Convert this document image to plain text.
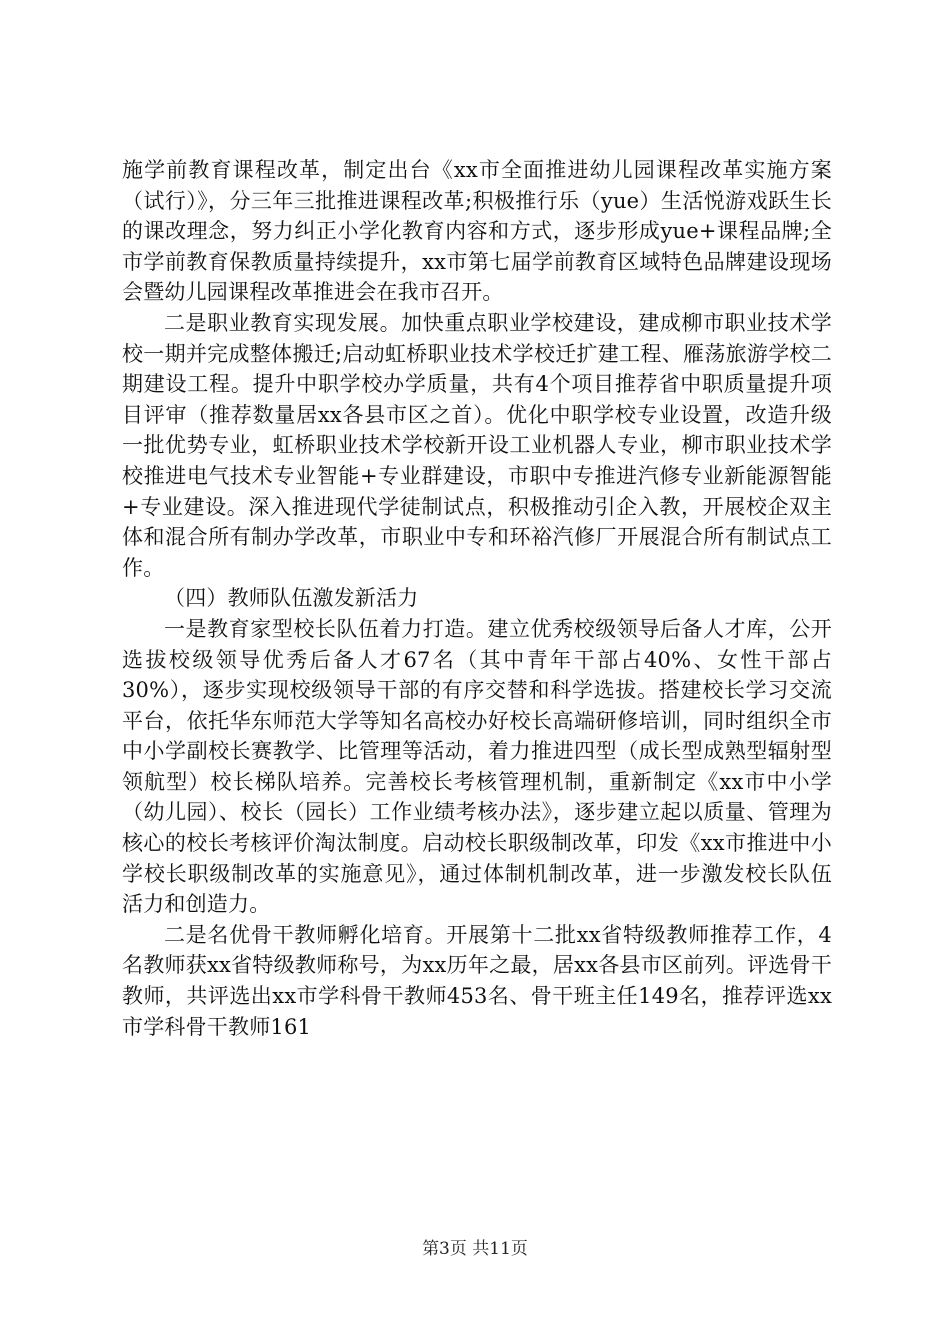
施学前教育课程改革，制定出台《xx市全面推进幼儿园课程改革实施方案（试行）》，分三年三批推进课程改革;积极推行乐（yue）生活悦游戏跃生长的课改理念，努力纠正小学化教育内容和方式，逐步形成yue+课程品牌;全市学前教育保教质量持续提升，xx市第七届学前教育区域特色品牌建设现场会暨幼儿园课程改革推进会在我市召开。

二是职业教育实现发展。加快重点职业学校建设，建成柳市职业技术学校一期并完成整体搬迁;启动虹桥职业技术学校迁扩建工程、雁荡旅游学校二期建设工程。提升中职学校办学质量，共有4个项目推荐省中职质量提升项目评审（推荐数量居xx各县市区之首）。优化中职学校专业设置，改造升级一批优势专业，虹桥职业技术学校新开设工业机器人专业，柳市职业技术学校推进电气技术专业智能+专业群建设，市职中专推进汽修专业新能源智能+专业建设。深入推进现代学徒制试点，积极推动引企入教，开展校企双主体和混合所有制办学改革，市职业中专和环裕汽修厂开展混合所有制试点工作。

（四）教师队伍激发新活力

一是教育家型校长队伍着力打造。建立优秀校级领导后备人才库，公开选拔校级领导优秀后备人才67名（其中青年干部占40%、女性干部占30%），逐步实现校级领导干部的有序交替和科学选拔。搭建校长学习交流平台，依托华东师范大学等知名高校办好校长高端研修培训，同时组织全市中小学副校长赛教学、比管理等活动，着力推进四型（成长型成熟型辐射型领航型）校长梯队培养。完善校长考核管理机制，重新制定《xx市中小学（幼儿园）、校长（园长）工作业绩考核办法》，逐步建立起以质量、管理为核心的校长考核评价淘汰制度。启动校长职级制改革，印发《xx市推进中小学校长职级制改革的实施意见》，通过体制机制改革，进一步激发校长队伍活力和创造力。

二是名优骨干教师孵化培育。开展第十二批xx省特级教师推荐工作，4名教师获xx省特级教师称号，为xx历年之最，居xx各县市区前列。评选骨干教师，共评选出xx市学科骨干教师453名、骨干班主任149名，推荐评选xx市学科骨干教师161

第3页 共11页
